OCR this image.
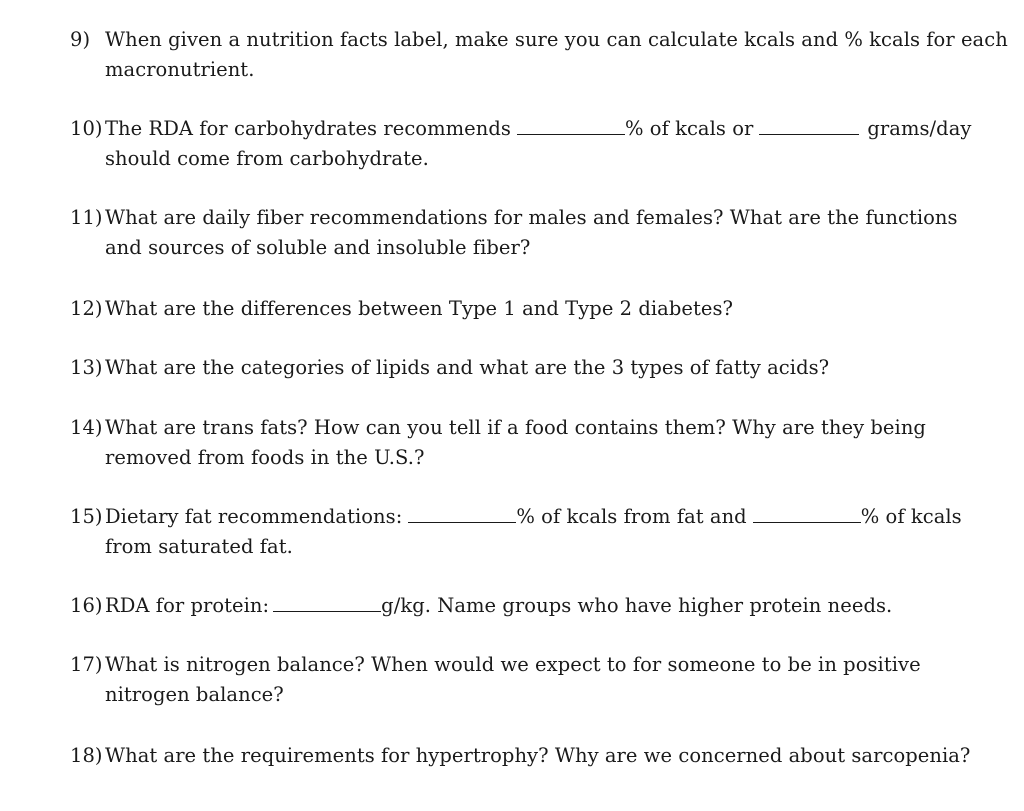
9) When given a nutrition facts label, make sure you can calculate kcals and % kcals for each
macronutrient.
10) The RDA for carbohydrates recommends	% of kcals or	grams/day
should come from carbohydrate.
11) What are daily fiber recommendations for males and females? What are the functions
and sources of soluble and insoluble fiber?
12) What are the differences between Type 1 and Type 2 diabetes?
13) What are the categories of lipids and what are the 3 types of fatty acids?
14) What are trans fats? How can you tell if a food contains them? Why are they being
removed from foods in the U.S.?
15) Dietary fat recommendations:	% of kcals from fat and	% of kcals
from saturated fat.
16) RDA for protein:	g/kg. Name groups who have higher protein needs.
17) What is nitrogen balance? When would we expect to for someone to be in positive
nitrogen balance?
18) What are the requirements for hypertrophy? Why are we concerned about sarcopenia?
